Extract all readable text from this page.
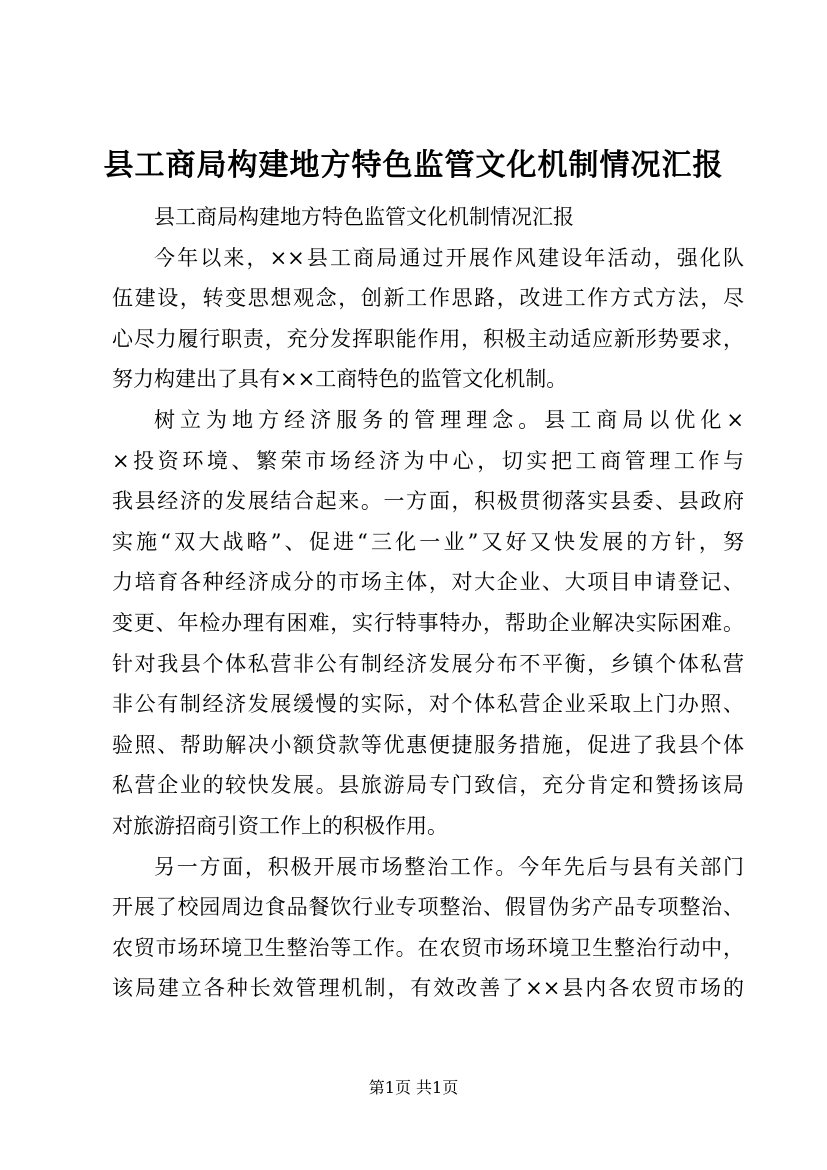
县工商局构建地方特色监管文化机制情况汇报
县工商局构建地方特色监管文化机制情况汇报
今年以来，××县工商局通过开展作风建设年活动，强化队
伍建设，转变思想观念，创新工作思路，改进工作方式方法，尽
心尽力履行职责，充分发挥职能作用，积极主动适应新形势要求，
努力构建出了具有××工商特色的监管文化机制。
树立为地方经济服务的管理理念。县工商局以优化×
×投资环境、繁荣市场经济为中心，切实把工商管理工作与
我县经济的发展结合起来。一方面，积极贯彻落实县委、县政府
实施“双大战略”、促进“三化一业”又好又快发展的方针，努
力培育各种经济成分的市场主体，对大企业、大项目申请登记、
变更、年检办理有困难，实行特事特办，帮助企业解决实际困难。
针对我县个体私营非公有制经济发展分布不平衡，乡镇个体私营
非公有制经济发展缓慢的实际，对个体私营企业采取上门办照、
验照、帮助解决小额贷款等优惠便捷服务措施，促进了我县个体
私营企业的较快发展。县旅游局专门致信，充分肯定和赞扬该局
对旅游招商引资工作上的积极作用。
另一方面，积极开展市场整治工作。今年先后与县有关部门
开展了校园周边食品餐饮行业专项整治、假冒伪劣产品专项整治、
农贸市场环境卫生整治等工作。在农贸市场环境卫生整治行动中，
该局建立各种长效管理机制，有效改善了××县内各农贸市场的
第1页 共1页
